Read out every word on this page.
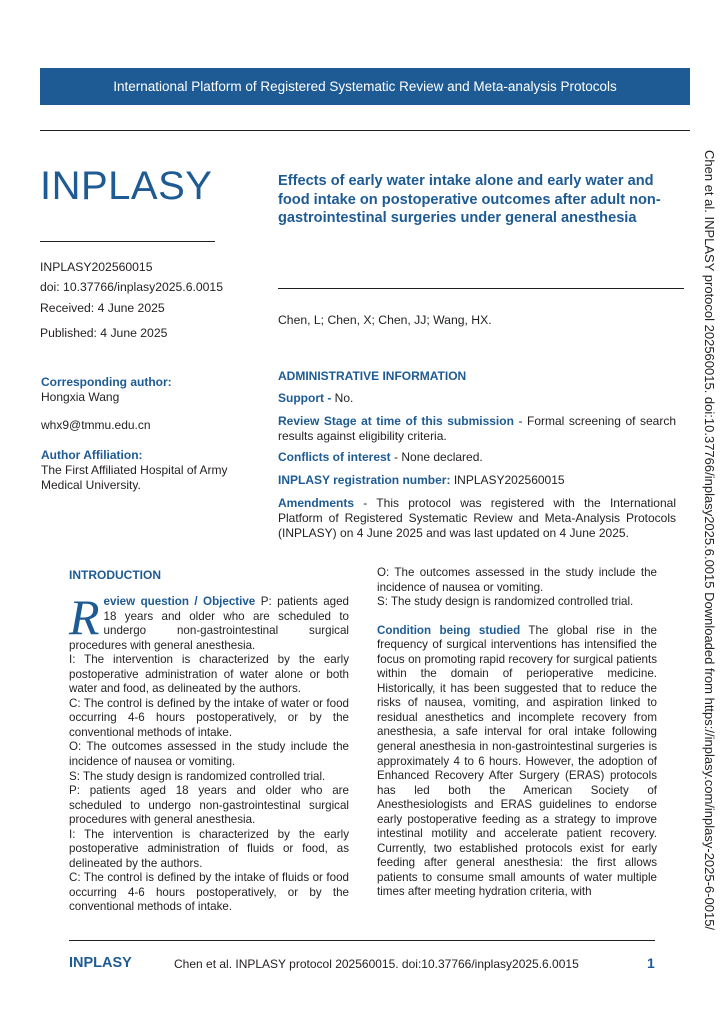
International Platform of Registered Systematic Review and Meta-analysis Protocols
INPLASY
INPLASY202560015
doi: 10.37766/inplasy2025.6.0015
Received: 4 June 2025
Published: 4 June 2025
Corresponding author:
Hongxia Wang
whx9@tmmu.edu.cn
Author Affiliation:
The First Affiliated Hospital of Army Medical University.
Effects of early water intake alone and early water and food intake on postoperative outcomes after adult non-gastrointestinal surgeries under general anesthesia
Chen, L; Chen, X; Chen, JJ; Wang, HX.
ADMINISTRATIVE INFORMATION
Support - No.
Review Stage at time of this submission - Formal screening of search results against eligibility criteria.
Conflicts of interest - None declared.
INPLASY registration number: INPLASY202560015
Amendments - This protocol was registered with the International Platform of Registered Systematic Review and Meta-Analysis Protocols (INPLASY) on 4 June 2025 and was last updated on 4 June 2025.
INTRODUCTION

Review question / Objective P: patients aged 18 years and older who are scheduled to undergo non-gastrointestinal surgical procedures with general anesthesia.

I: The intervention is characterized by the early postoperative administration of water alone or both water and food, as delineated by the authors.

C: The control is defined by the intake of water or food occurring 4-6 hours postoperatively, or by the conventional methods of intake.

O: The outcomes assessed in the study include the incidence of nausea or vomiting.

S: The study design is randomized controlled trial.

P: patients aged 18 years and older who are scheduled to undergo non-gastrointestinal surgical procedures with general anesthesia.

I: The intervention is characterized by the early postoperative administration of fluids or food, as delineated by the authors.

C: The control is defined by the intake of fluids or food occurring 4-6 hours postoperatively, or by the conventional methods of intake.

O: The outcomes assessed in the study include the incidence of nausea or vomiting.

S: The study design is randomized controlled trial.

Condition being studied The global rise in the frequency of surgical interventions has intensified the focus on promoting rapid recovery for surgical patients within the domain of perioperative medicine. Historically, it has been suggested that to reduce the risks of nausea, vomiting, and aspiration linked to residual anesthetics and incomplete recovery from anesthesia, a safe interval for oral intake following general anesthesia in non-gastrointestinal surgeries is approximately 4 to 6 hours. However, the adoption of Enhanced Recovery After Surgery (ERAS) protocols has led both the American Society of Anesthesiologists and ERAS guidelines to endorse early postoperative feeding as a strategy to improve intestinal motility and accelerate patient recovery. Currently, two established protocols exist for early feeding after general anesthesia: the first allows patients to consume small amounts of water multiple times after meeting hydration criteria, with	Chen et al. INPLASY protocol 202560015. doi:10.37766/inplasy2025.6.0015 Downloaded from https://inplasy.com/inplasy-2025-6-0015/
INPLASY	Chen et al. INPLASY protocol 202560015. doi:10.37766/inplasy2025.6.0015	1
